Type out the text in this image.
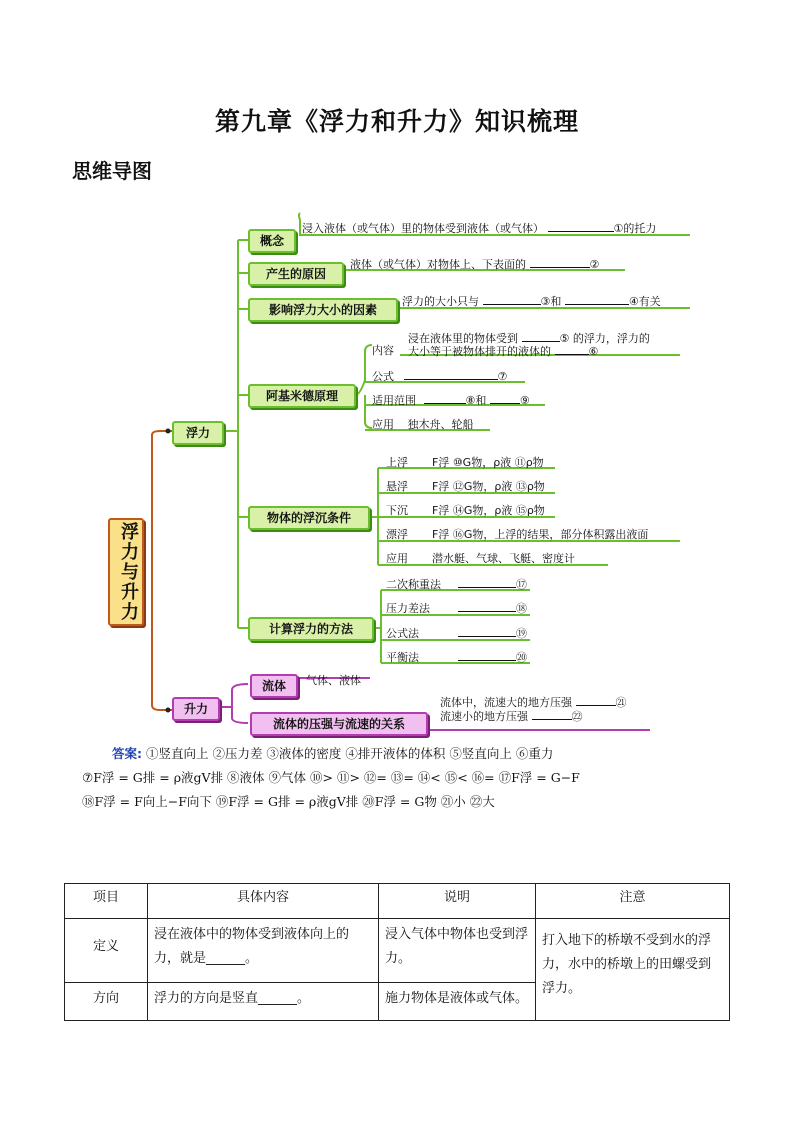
第九章《浮力和升力》知识梳理
思维导图
浮力与升力
浮力
升力
概念
产生的原因
影响浮力大小的因素
阿基米德原理
物体的浮沉条件
计算浮力的方法
流体
流体的压强与流速的关系
浸入液体（或气体）里的物体受到液体（或气体）	①的托力
液体（或气体）对物体上、下表面的	②
浮力的大小只与	③和	④有关
内容
浸在液体里的物体受到	⑤ 的浮力，浮力的
大小等于被物体排开的液体的	⑥
公式	⑦
适用范围	⑧和	⑨
应用 独木舟、轮船
上浮 F浮 ⑩G物，ρ液 ⑪ρ物
悬浮 F浮 ⑫G物，ρ液 ⑬ρ物
下沉 F浮 ⑭G物，ρ液 ⑮ρ物
漂浮 F浮 ⑯G物，上浮的结果，部分体积露出液面
应用 潜水艇、气球、飞艇、密度计
二次称重法	⑰
压力差法	⑱
公式法	⑲
平衡法	⑳
气体、液体
流体中，流速大的地方压强	㉑
流速小的地方压强	㉒
答案: ①竖直向上 ②压力差 ③液体的密度 ④排开液体的体积 ⑤竖直向上 ⑥重力
⑦F浮 = G排 = ρ液gV排 ⑧液体 ⑨气体 ⑩> ⑪> ⑫= ⑬= ⑭< ⑮< ⑯= ⑰F浮 = G−F
⑱F浮 = F向上−F向下 ⑲F浮 = G排 = ρ液gV排 ⑳F浮 = G物 ㉑小 ㉒大
项目	具体内容	说明	注意
定义	浸在液体中的物体受到液体向上的力，就是______。	浸入气体中物体也受到浮力。	打入地下的桥墩不受到水的浮力，水中的桥墩上的田螺受到浮力。
方向	浮力的方向是竖直______。	施力物体是液体或气体。	
